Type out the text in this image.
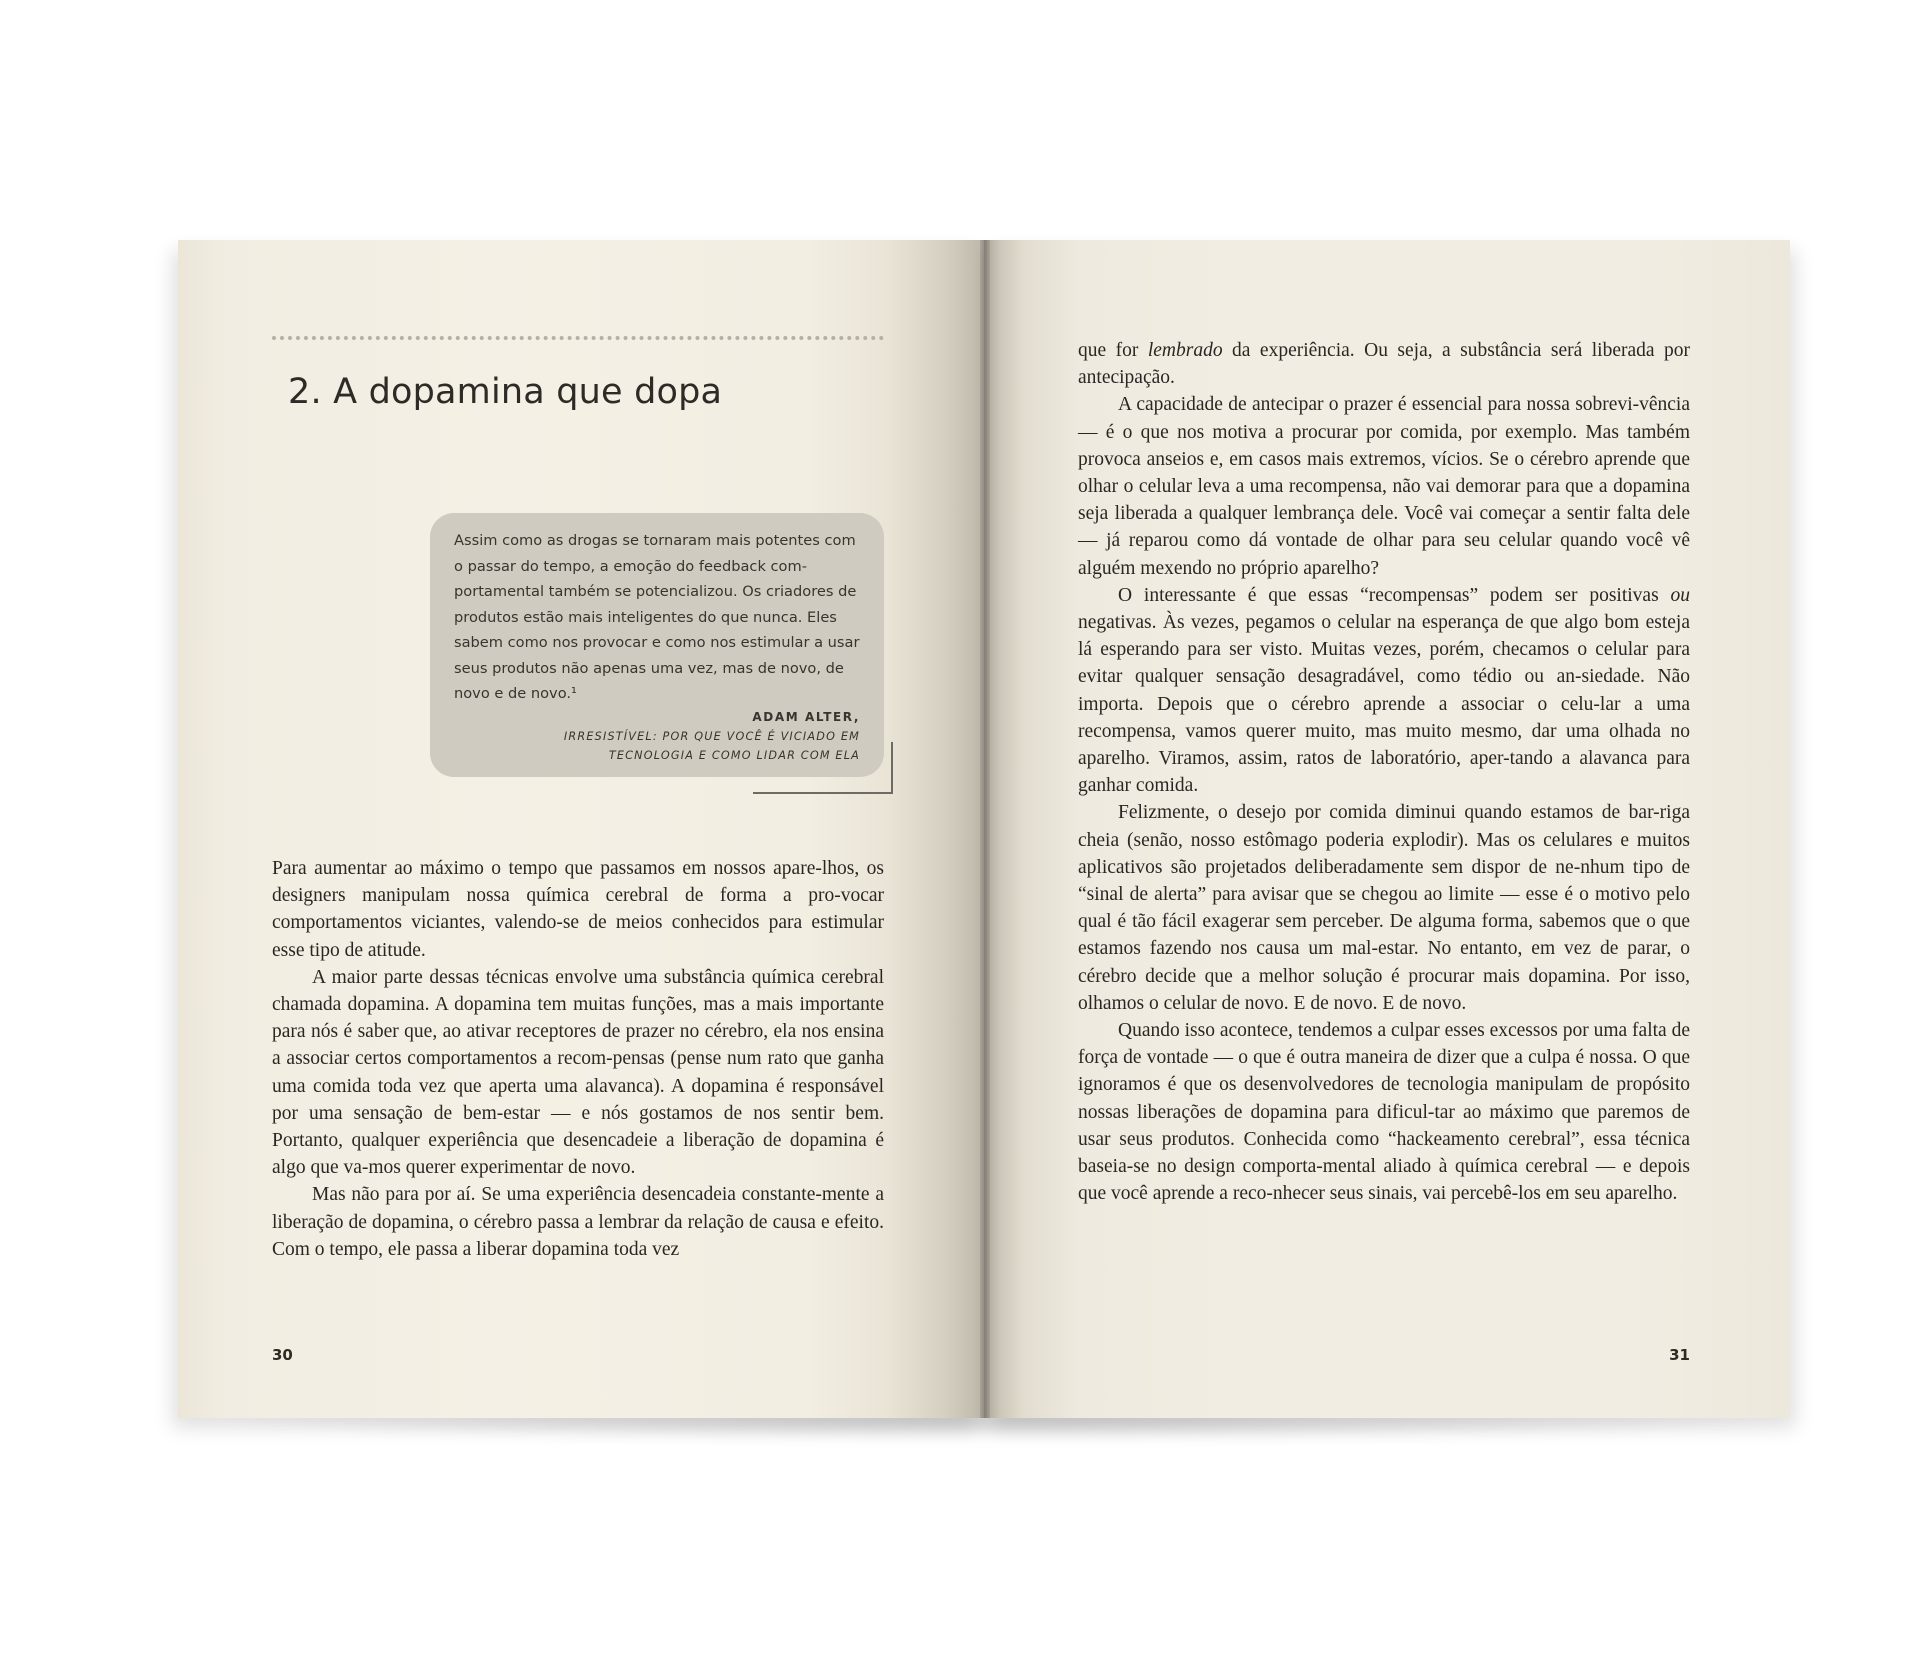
2. A dopamina que dopa

Assim como as drogas se tornaram mais potentes com o passar do tempo, a emoção do feedback com-portamental também se potencializou. Os criadores de produtos estão mais inteligentes do que nunca. Eles sabem como nos provocar e como nos estimular a usar seus produtos não apenas uma vez, mas de novo, de novo e de novo.¹

ADAM ALTER,

IRRESISTÍVEL: POR QUE VOCÊ É VICIADO EM

TECNOLOGIA E COMO LIDAR COM ELA

Para aumentar ao máximo o tempo que passamos em nossos apare-lhos, os designers manipulam nossa química cerebral de forma a pro-vocar comportamentos viciantes, valendo-se de meios conhecidos para estimular esse tipo de atitude.

A maior parte dessas técnicas envolve uma substância química cerebral chamada dopamina. A dopamina tem muitas funções, mas a mais importante para nós é saber que, ao ativar receptores de prazer no cérebro, ela nos ensina a associar certos comportamentos a recom-pensas (pense num rato que ganha uma comida toda vez que aperta uma alavanca). A dopamina é responsável por uma sensação de bem-estar — e nós gostamos de nos sentir bem. Portanto, qualquer experiência que desencadeie a liberação de dopamina é algo que va-mos querer experimentar de novo.

Mas não para por aí. Se uma experiência desencadeia constante-mente a liberação de dopamina, o cérebro passa a lembrar da relação de causa e efeito. Com o tempo, ele passa a liberar dopamina toda vez

30

que for lembrado da experiência. Ou seja, a substância será liberada por antecipação.

A capacidade de antecipar o prazer é essencial para nossa sobrevi-vência — é o que nos motiva a procurar por comida, por exemplo. Mas também provoca anseios e, em casos mais extremos, vícios. Se o cérebro aprende que olhar o celular leva a uma recompensa, não vai demorar para que a dopamina seja liberada a qualquer lembrança dele. Você vai começar a sentir falta dele — já reparou como dá vontade de olhar para seu celular quando você vê alguém mexendo no próprio aparelho?

O interessante é que essas “recompensas” podem ser positivas ou negativas. Às vezes, pegamos o celular na esperança de que algo bom esteja lá esperando para ser visto. Muitas vezes, porém, checamos o celular para evitar qualquer sensação desagradável, como tédio ou an-siedade. Não importa. Depois que o cérebro aprende a associar o celu-lar a uma recompensa, vamos querer muito, mas muito mesmo, dar uma olhada no aparelho. Viramos, assim, ratos de laboratório, aper-tando a alavanca para ganhar comida.

Felizmente, o desejo por comida diminui quando estamos de bar-riga cheia (senão, nosso estômago poderia explodir). Mas os celulares e muitos aplicativos são projetados deliberadamente sem dispor de ne-nhum tipo de “sinal de alerta” para avisar que se chegou ao limite — esse é o motivo pelo qual é tão fácil exagerar sem perceber. De alguma forma, sabemos que o que estamos fazendo nos causa um mal-estar. No entanto, em vez de parar, o cérebro decide que a melhor solução é procurar mais dopamina. Por isso, olhamos o celular de novo. E de novo. E de novo.

Quando isso acontece, tendemos a culpar esses excessos por uma falta de força de vontade — o que é outra maneira de dizer que a culpa é nossa. O que ignoramos é que os desenvolvedores de tecnologia manipulam de propósito nossas liberações de dopamina para dificul-tar ao máximo que paremos de usar seus produtos. Conhecida como “hackeamento cerebral”, essa técnica baseia-se no design comporta-mental aliado à química cerebral — e depois que você aprende a reco-nhecer seus sinais, vai percebê-los em seu aparelho.

31
